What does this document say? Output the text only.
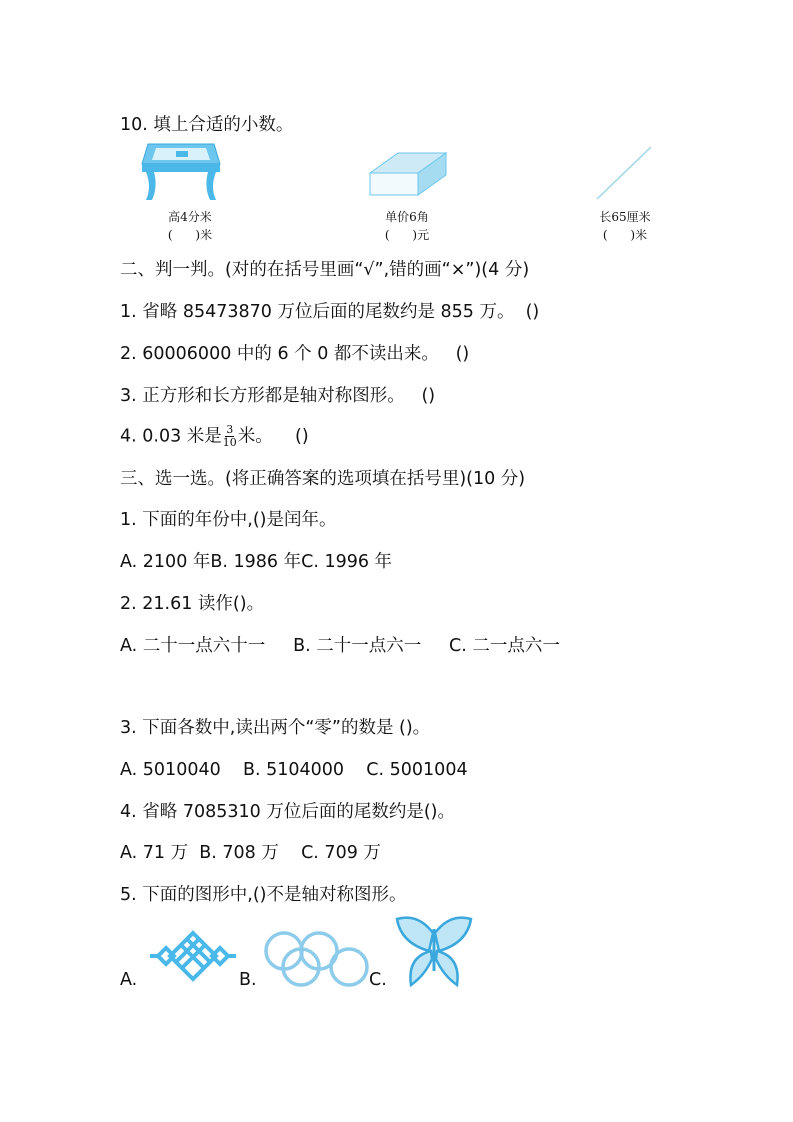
10. 填上合适的小数。
高4分米
(      )米
单价6角
(      )元
长65厘米
(      )米
二、判一判。(对的在括号里画“√”,错的画“×”)(4 分)
1. 省略 85473870 万位后面的尾数约是 855 万。  ()
2. 60006000 中的 6 个 0 都不读出来。   ()
3. 正方形和长方形都是轴对称图形。   ()
4. 0.03 米是 $\frac{3}{10}$ 米。    ()
三、选一选。(将正确答案的选项填在括号里)(10 分)
1. 下面的年份中,()是闰年。
A. 2100 年B. 1986 年C. 1996 年
2. 21.61 读作()。
A. 二十一点六十一     B. 二十一点六一     C. 二一点六一
3. 下面各数中,读出两个“零”的数是 ()。
A. 5010040    B. 5104000    C. 5001004
4. 省略 7085310 万位后面的尾数约是()。
A. 71 万  B. 708 万    C. 709 万
5. 下面的图形中,()不是轴对称图形。
A.	B.	C.
